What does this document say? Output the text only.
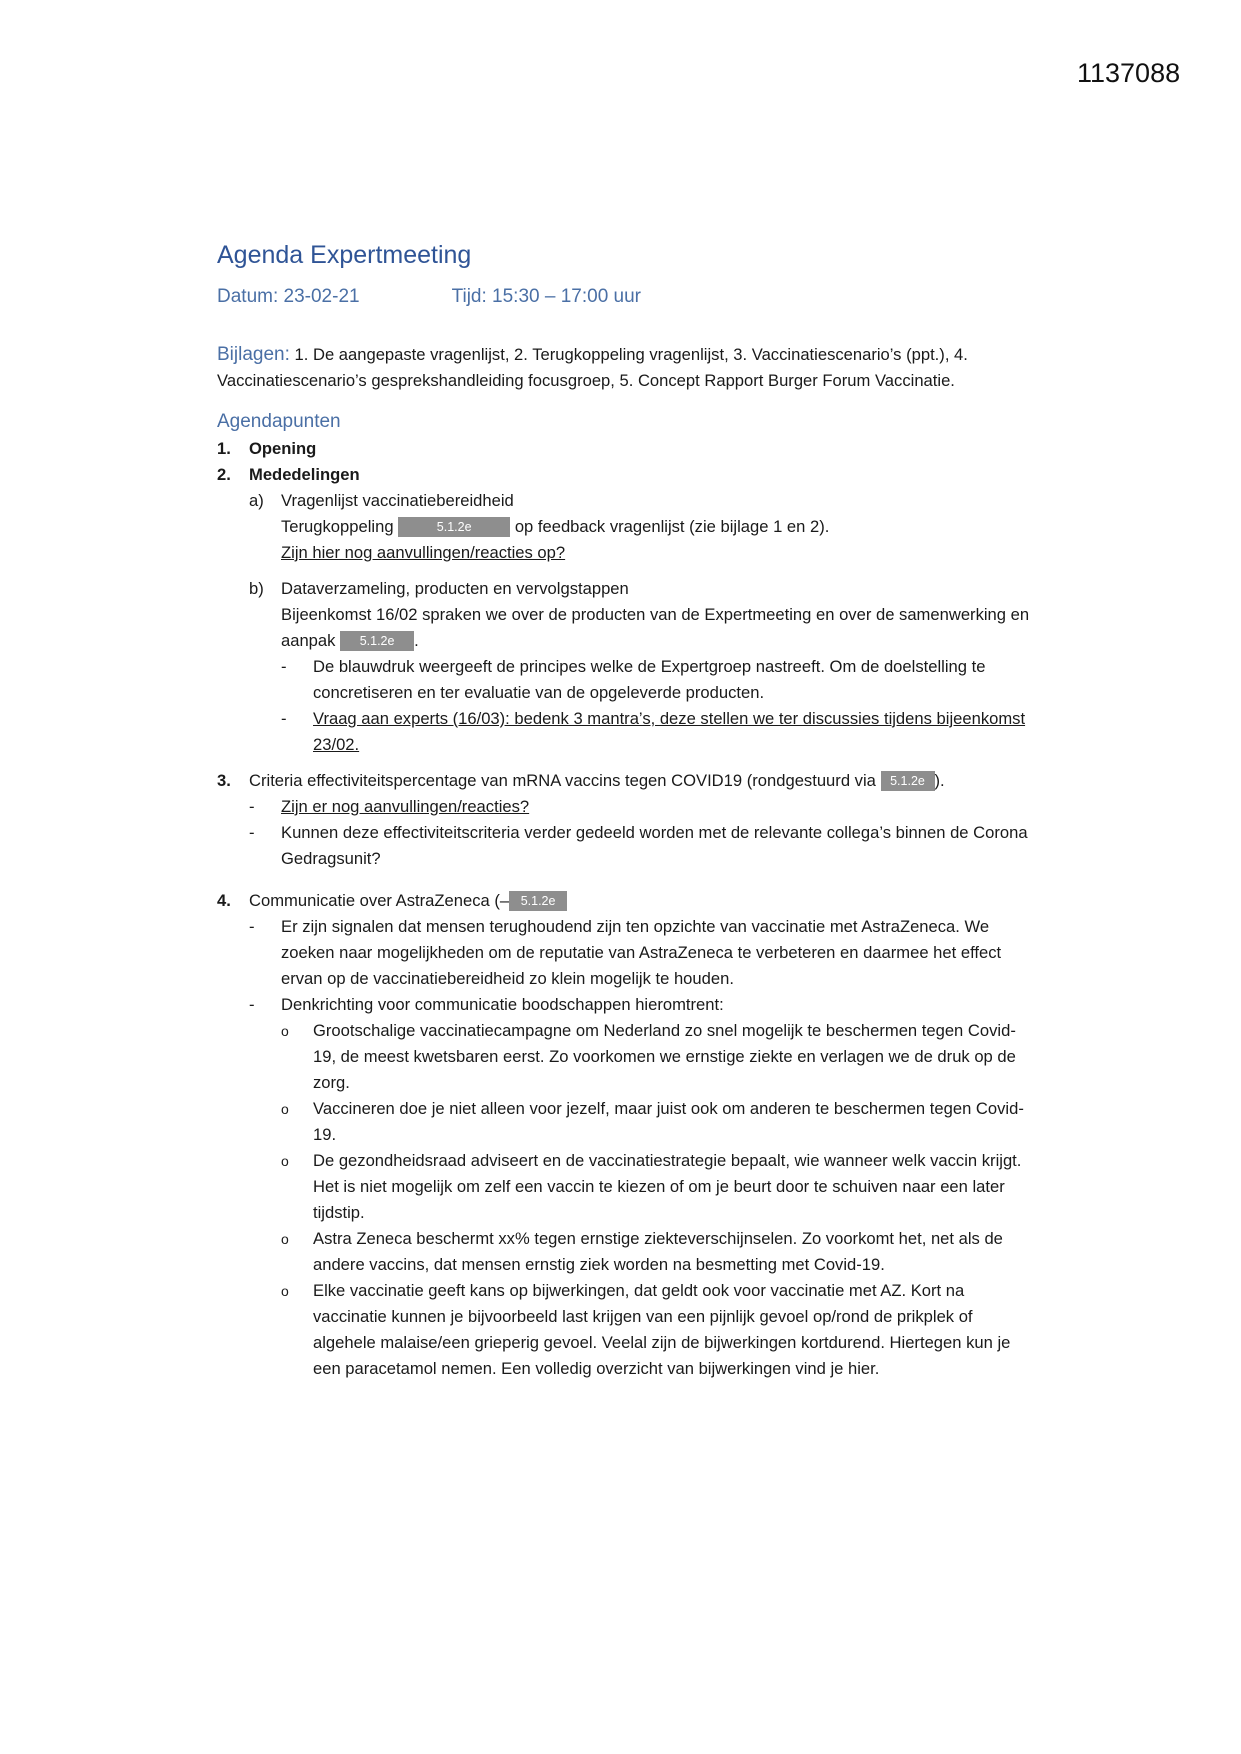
1137088
Agenda Expertmeeting
Datum: 23-02-21	Tijd: 15:30 – 17:00 uur
Bijlagen: 1. De aangepaste vragenlijst, 2. Terugkoppeling vragenlijst, 3. Vaccinatiescenario’s (ppt.), 4. Vaccinatiescenario’s gesprekshandleiding focusgroep, 5. Concept Rapport Burger Forum Vaccinatie.
Agendapunten
1.	Opening
2.	Mededelingen
a)	Vragenlijst vaccinatiebereidheid
Terugkoppeling	5.1.2e	op feedback vragenlijst (zie bijlage 1 en 2).
Zijn hier nog aanvullingen/reacties op?
b)	Dataverzameling, producten en vervolgstappen
Bijeenkomst 16/02 spraken we over de producten van de Expertmeeting en over de samenwerking en aanpak 5.1.2e .
-	De blauwdruk weergeeft de principes welke de Expertgroep nastreeft. Om de doelstelling te concretiseren en ter evaluatie van de opgeleverde producten.
-	Vraag aan experts (16/03): bedenk 3 mantra’s, deze stellen we ter discussies tijdens bijeenkomst 23/02.
3.	Criteria effectiviteitspercentage van mRNA vaccins tegen COVID19 (rondgestuurd via 5.1.2e ).
-	Zijn er nog aanvullingen/reacties?
-	Kunnen deze effectiviteitscriteria verder gedeeld worden met de relevante collega’s binnen de Corona Gedragsunit?
4.	Communicatie over AstraZeneca (– 5.1.2e
-	Er zijn signalen dat mensen terughoudend zijn ten opzichte van vaccinatie met AstraZeneca. We zoeken naar mogelijkheden om de reputatie van AstraZeneca te verbeteren en daarmee het effect ervan op de vaccinatiebereidheid zo klein mogelijk te houden.
-	Denkrichting voor communicatie boodschappen hieromtrent:
o	Grootschalige vaccinatiecampagne om Nederland zo snel mogelijk te beschermen tegen Covid-19, de meest kwetsbaren eerst. Zo voorkomen we ernstige ziekte en verlagen we de druk op de zorg.
o	Vaccineren doe je niet alleen voor jezelf, maar juist ook om anderen te beschermen tegen Covid-19.
o	De gezondheidsraad adviseert en de vaccinatiestrategie bepaalt, wie wanneer welk vaccin krijgt. Het is niet mogelijk om zelf een vaccin te kiezen of om je beurt door te schuiven naar een later tijdstip.
o	Astra Zeneca beschermt xx% tegen ernstige ziekteverschijnselen. Zo voorkomt het, net als de andere vaccins, dat mensen ernstig ziek worden na besmetting met Covid-19.
o	Elke vaccinatie geeft kans op bijwerkingen, dat geldt ook voor vaccinatie met AZ. Kort na vaccinatie kunnen je bijvoorbeeld last krijgen van een pijnlijk gevoel op/rond de prikplek of algehele malaise/een grieperig gevoel. Veelal zijn de bijwerkingen kortdurend. Hiertegen kun je een paracetamol nemen. Een volledig overzicht van bijwerkingen vind je hier.
